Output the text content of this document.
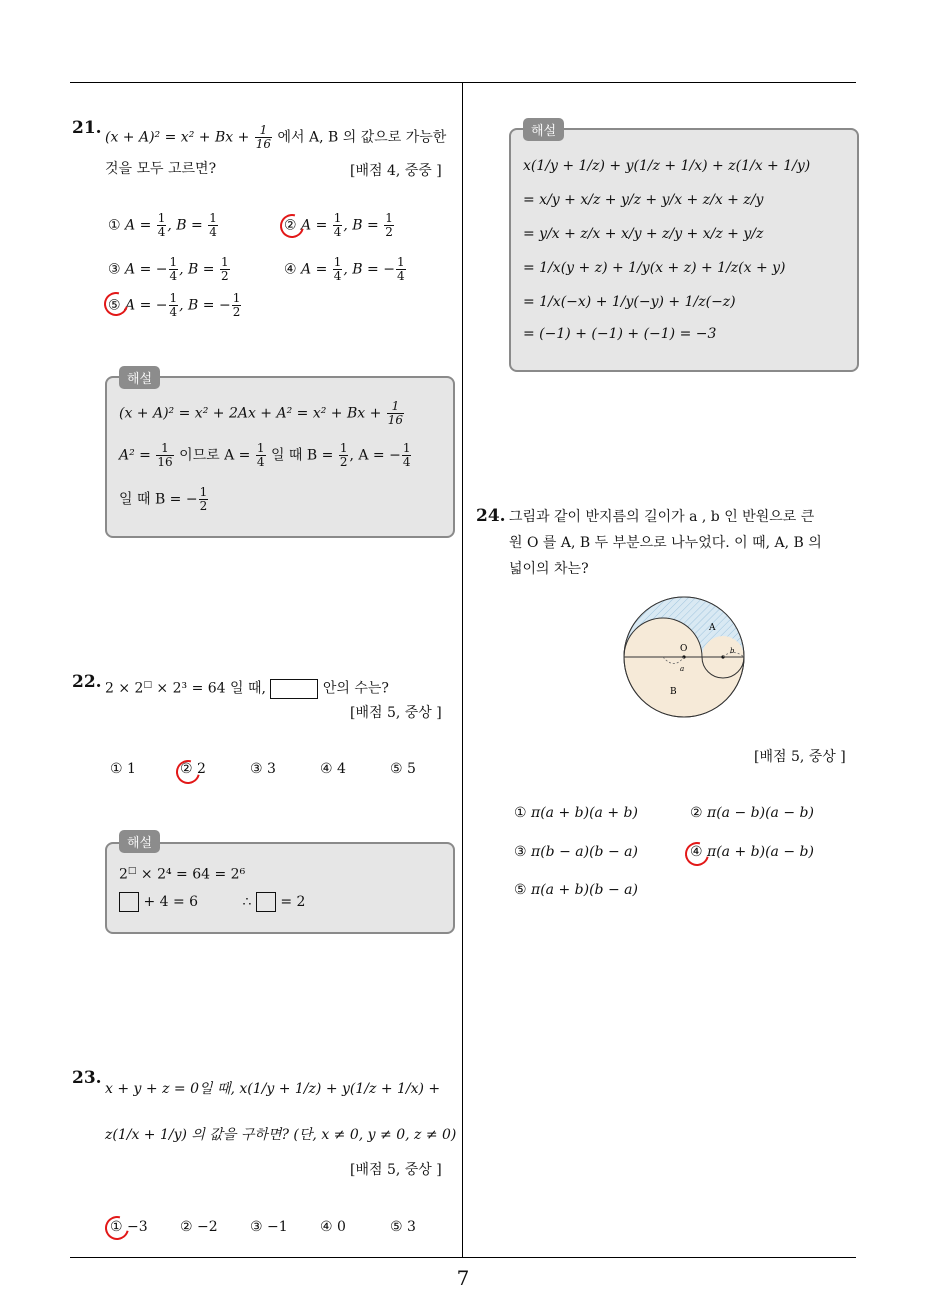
7
21. $(x + A)^2 = x^2 + Bx + \frac{1}{16}$ 에서 A, B 의 값으로 가능한
것을 모두 고르면?	[배점 4, 중중 ]
① $A = \frac{1}{4}$ , $B = \frac{1}{4}$	② $A = \frac{1}{4}$ , $B = \frac{1}{2}$
③ A = − $\frac{1}{4}$ , $B = \frac{1}{2}$	④ $A = \frac{1}{4}$ , B = − $\frac{1}{4}$
⑤ A = − $\frac{1}{4}$ , B = − $\frac{1}{2}$
$(x + A)^2 = x^2 + 2Ax + A^2 = x^2 + Bx + \frac{1}{16}$
$A^2 = \frac{1}{16}$ 이므로 $A = \frac{1}{4}$ 일 때 $B = \frac{1}{2}$ , A = − $\frac{1}{4}$
일 때 B = − $\frac{1}{2}$
해설
22. 2 × 2□ × 2³ = 64 일 때,	안의 수는?
[배점 5, 중상 ]
① 1	② 2	③ 3	④ 4	⑤ 5
2□ × 2⁴ = 64 = 2⁶
+ 4 = 6	∴  = 2
해설
23.
x + y + z = 0일 때, x(1/y + 1/z) + y(1/z + 1/x) +
z(1/x + 1/y) 의 값을 구하면? (단, x ≠ 0, y ≠ 0, z ≠ 0)
[배점 5, 중상 ]
① −3 ② −2 ③ −1 ④ 0	⑤ 3
x(1/y + 1/z) + y(1/z + 1/x) + z(1/x + 1/y)
= x/y + x/z + y/z + y/x + z/x + z/y
= y/x + z/x + x/y + z/y + x/z + y/z
= 1/x(y + z) + 1/y(x + z) + 1/z(x + y)
= 1/x(−x) + 1/y(−y) + 1/z(−z)
= (−1) + (−1) + (−1) = −3
해설
24. 그림과 같이 반지름의 길이가 a , b 인 반원으로 큰
원 O 를 A, B 두 부분으로 나누었다. 이 때, A, B 의
넓이의 차는?
O
A
B
a
b
[배점 5, 중상 ]
① π(a + b)(a + b)	② π(a − b)(a − b)
③ π(b − a)(b − a)	④ π(a + b)(a − b)
⑤ π(a + b)(b − a)
